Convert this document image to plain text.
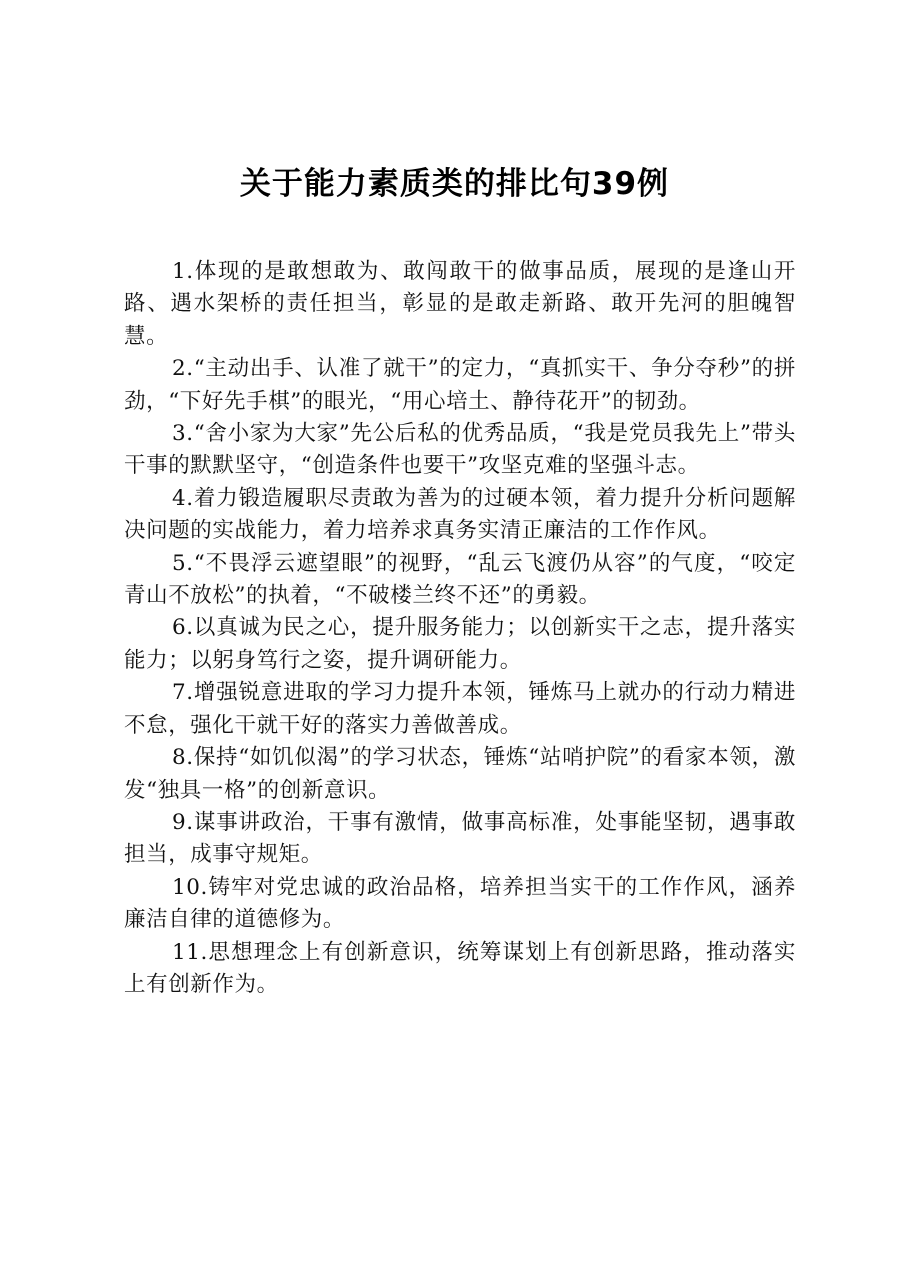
关于能力素质类的排比句39例

1.体现的是敢想敢为、敢闯敢干的做事品质，展现的是逢山开路、遇水架桥的责任担当，彰显的是敢走新路、敢开先河的胆魄智慧。

2.“主动出手、认准了就干”的定力，“真抓实干、争分夺秒”的拼劲，“下好先手棋”的眼光，“用心培土、静待花开”的韧劲。

3.“舍小家为大家”先公后私的优秀品质，“我是党员我先上”带头干事的默默坚守，“创造条件也要干”攻坚克难的坚强斗志。

4.着力锻造履职尽责敢为善为的过硬本领，着力提升分析问题解决问题的实战能力，着力培养求真务实清正廉洁的工作作风。

5.“不畏浮云遮望眼”的视野，“乱云飞渡仍从容”的气度，“咬定青山不放松”的执着，“不破楼兰终不还”的勇毅。

6.以真诚为民之心，提升服务能力；以创新实干之志，提升落实能力；以躬身笃行之姿，提升调研能力。

7.增强锐意进取的学习力提升本领，锤炼马上就办的行动力精进不怠，强化干就干好的落实力善做善成。

8.保持“如饥似渴”的学习状态，锤炼“站哨护院”的看家本领，激发“独具一格”的创新意识。

9.谋事讲政治，干事有激情，做事高标准，处事能坚韧，遇事敢担当，成事守规矩。

10.铸牢对党忠诚的政治品格，培养担当实干的工作作风，涵养廉洁自律的道德修为。

11.思想理念上有创新意识，统筹谋划上有创新思路，推动落实上有创新作为。
